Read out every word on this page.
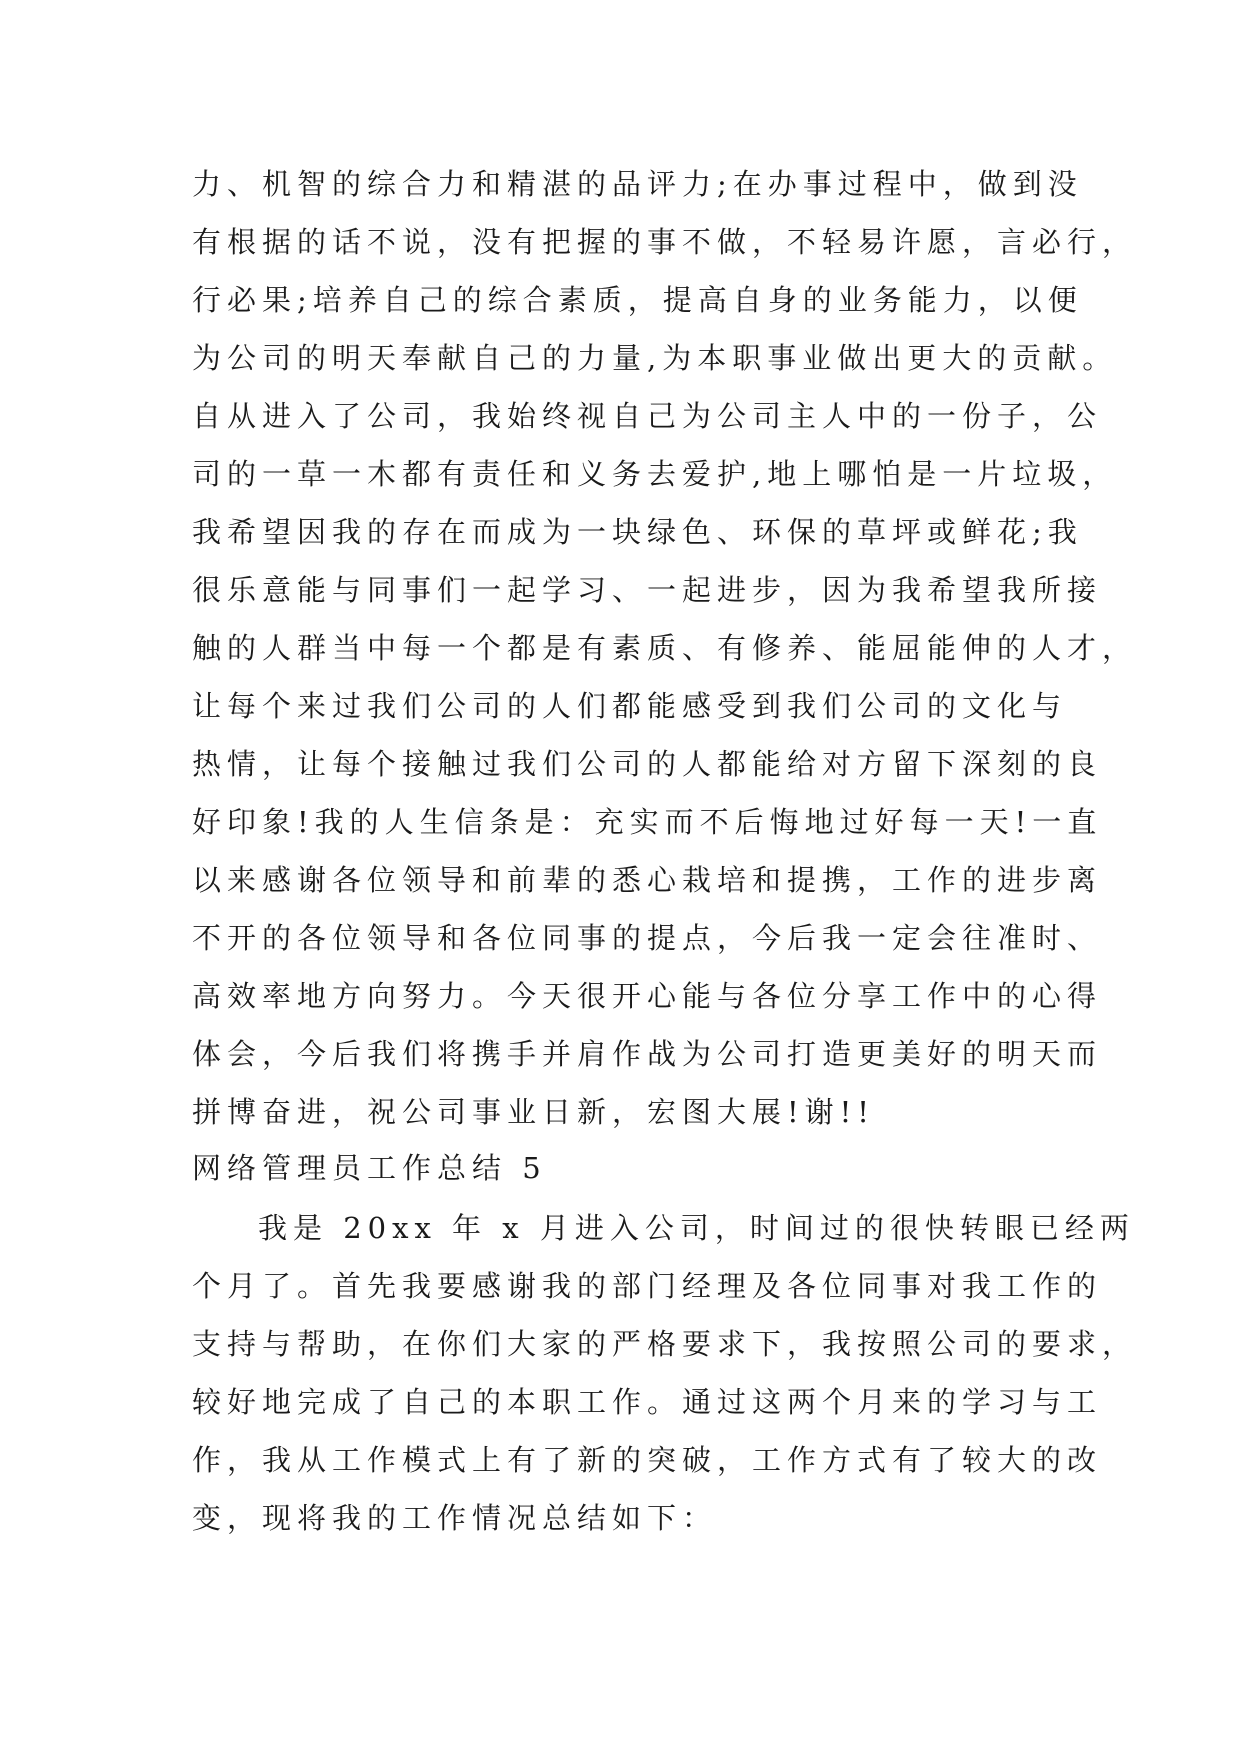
力、机智的综合力和精湛的品评力;在办事过程中，做到没
有根据的话不说，没有把握的事不做，不轻易许愿，言必行，
行必果;培养自己的综合素质，提高自身的业务能力，以便
为公司的明天奉献自己的力量,为本职事业做出更大的贡献。
自从进入了公司，我始终视自己为公司主人中的一份子，公
司的一草一木都有责任和义务去爱护,地上哪怕是一片垃圾，
我希望因我的存在而成为一块绿色、环保的草坪或鲜花;我
很乐意能与同事们一起学习、一起进步，因为我希望我所接
触的人群当中每一个都是有素质、有修养、能屈能伸的人才，
让每个来过我们公司的人们都能感受到我们公司的文化与
热情，让每个接触过我们公司的人都能给对方留下深刻的良
好印象!我的人生信条是：充实而不后悔地过好每一天!一直
以来感谢各位领导和前辈的悉心栽培和提携，工作的进步离
不开的各位领导和各位同事的提点，今后我一定会往准时、
高效率地方向努力。今天很开心能与各位分享工作中的心得
体会，今后我们将携手并肩作战为公司打造更美好的明天而
拼博奋进，祝公司事业日新，宏图大展!谢!!
网络管理员工作总结 5
我是 20xx 年 x 月进入公司，时间过的很快转眼已经两
个月了。首先我要感谢我的部门经理及各位同事对我工作的
支持与帮助，在你们大家的严格要求下，我按照公司的要求，
较好地完成了自己的本职工作。通过这两个月来的学习与工
作，我从工作模式上有了新的突破，工作方式有了较大的改
变，现将我的工作情况总结如下：
